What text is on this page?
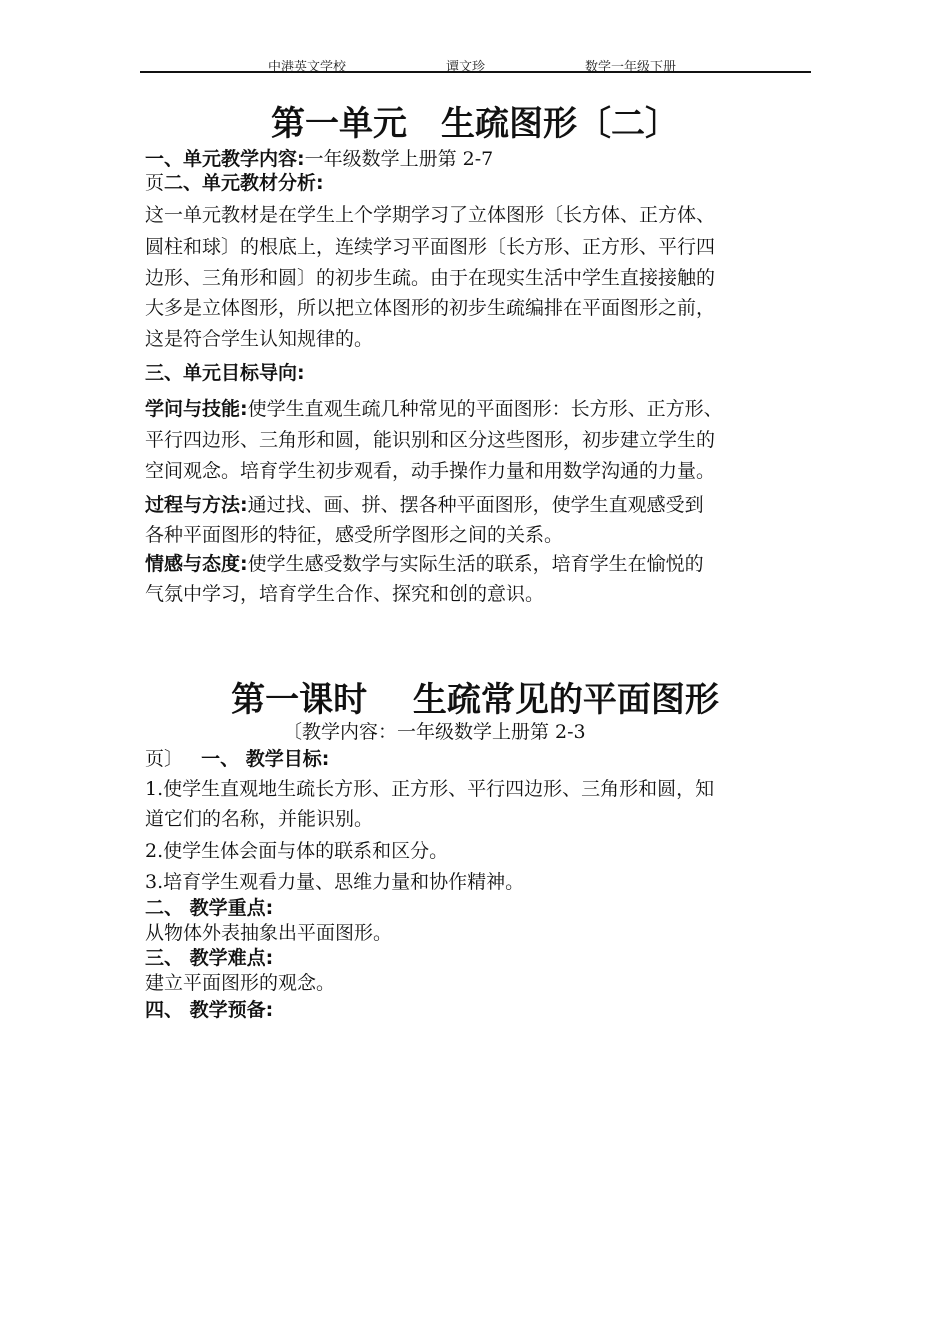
中港英文学校	谭文珍	数学一年级下册
第一单元　生疏图形〔二〕
一、单元教学内容:一年级数学上册第 2-7
页二、单元教材分析:
这一单元教材是在学生上个学期学习了立体图形〔长方体、正方体、
圆柱和球〕的根底上，连续学习平面图形〔长方形、正方形、平行四
边形、三角形和圆〕的初步生疏。由于在现实生活中学生直接接触的
大多是立体图形，所以把立体图形的初步生疏编排在平面图形之前，
这是符合学生认知规律的。
三、单元目标导向:
学问与技能:使学生直观生疏几种常见的平面图形：长方形、正方形、
平行四边形、三角形和圆，能识别和区分这些图形，初步建立学生的
空间观念。培育学生初步观看，动手操作力量和用数学沟通的力量。
过程与方法:通过找、画、拼、摆各种平面图形，使学生直观感受到
各种平面图形的特征，感受所学图形之间的关系。
情感与态度:使学生感受数学与实际生活的联系，培育学生在愉悦的
气氛中学习，培育学生合作、探究和创的意识。
第一课时　 生疏常见的平面图形
〔教学内容：一年级数学上册第 2-3
页〕 一、 教学目标:
1.使学生直观地生疏长方形、正方形、平行四边形、三角形和圆，知
道它们的名称，并能识别。
2.使学生体会面与体的联系和区分。
3.培育学生观看力量、思维力量和协作精神。
二、 教学重点:
从物体外表抽象出平面图形。
三、 教学难点:
建立平面图形的观念。
四、 教学预备:
